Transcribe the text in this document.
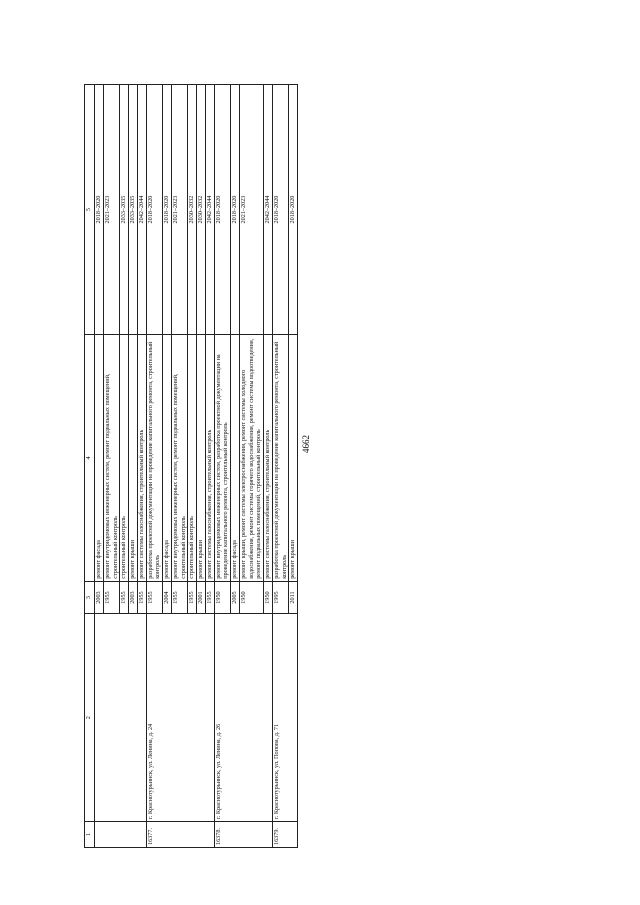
4662
1	2	3	4	5
		2003	ремонт фасада	2018–2020
		1955	ремонт внутридомовых инженерных систем, ремонт подвальных помещений, строительный контроль	2021–2023
		1955	строительный контроль	2033–2035
		2003	ремонт крыши	2033–2035
		1955	ремонт системы газоснабжения, строительный контроль	2042–2044
16377.	г. Краснотурьинск, ул. Ленина, д. 24	1955	разработка проектной документации на проведение капитального ремонта, строительный контроль	2018–2020
		2004	ремонт фасада	2018–2020
		1955	ремонт внутридомовых инженерных систем, ремонт подвальных помещений, строительный контроль	2021–2023
		1955	строительный контроль	2030–2032
		2001	ремонт крыши	2030–2032
		1955	ремонт системы газоснабжения, строительный контроль	2042–2044
16378.	г. Краснотурьинск, ул. Ленина, д. 26	1950	ремонт внутридомовых инженерных систем, разработка проектной документации на проведение капитального ремонта, строительный контроль	2018–2020
		2005	ремонт фасада	2018–2020
		1950	ремонт крыши, ремонт системы электроснабжения, ремонт системы холодного водоснабжения, ремонт системы горячего водоснабжения, ремонт системы водоотведения, ремонт подвальных помещений, строительный контроль	2021–2023
		1950	ремонт системы газоснабжения, строительный контроль	2042–2044
16379.	г. Краснотурьинск, ул. Попова, д. 71	1995	разработка проектной документации на проведение капитального ремонта, строительный контроль	2018–2020
		2011	ремонт крыши	2018–2020
